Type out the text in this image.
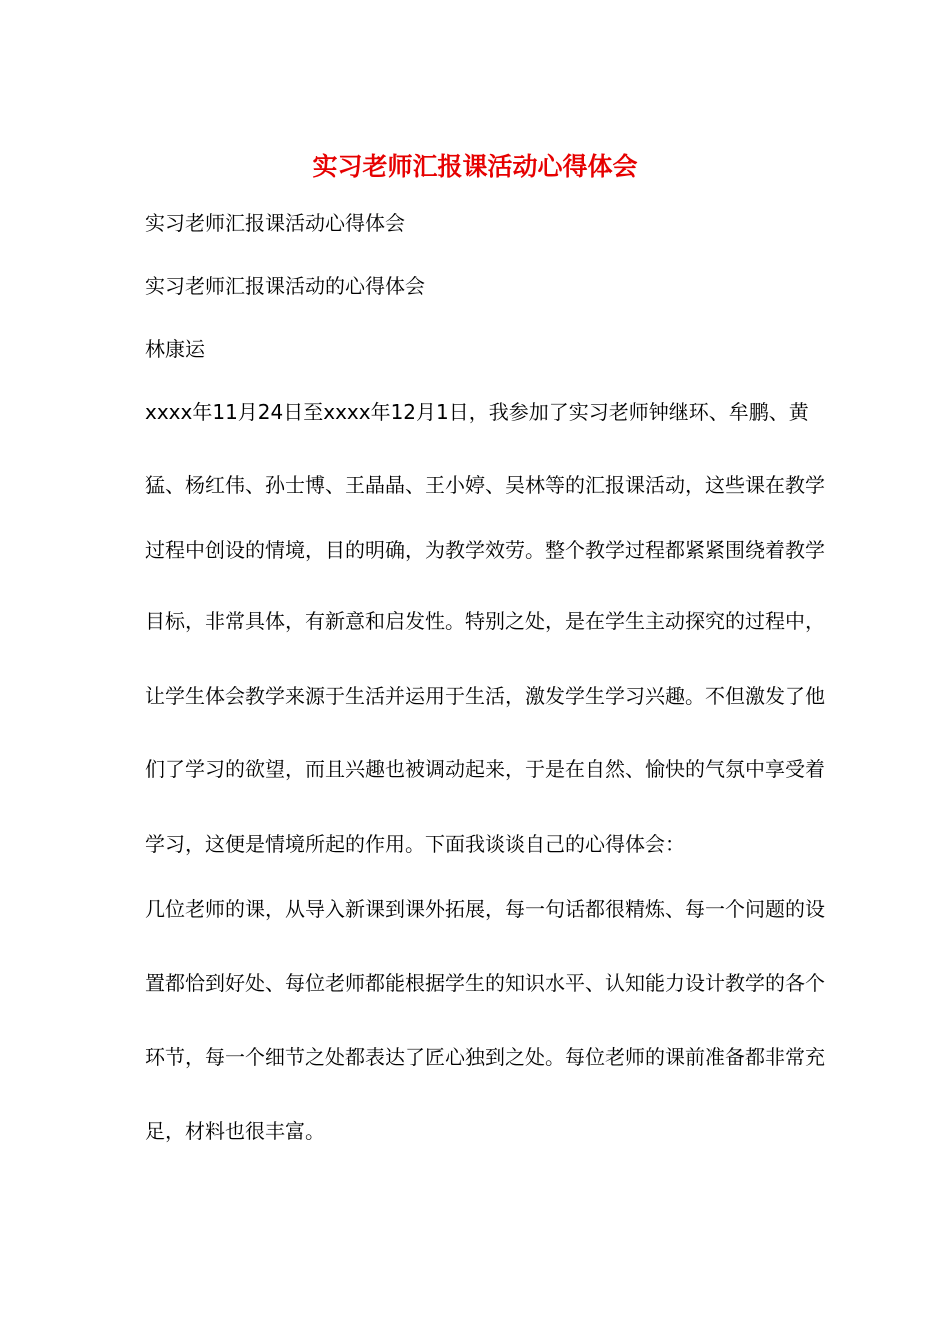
实习老师汇报课活动心得体会
实习老师汇报课活动心得体会
实习老师汇报课活动的心得体会
林康运
xxxx年11月24日至xxxx年12月1日，我参加了实习老师钟继环、牟鹏、黄
猛、杨红伟、孙士博、王晶晶、王小婷、吴林等的汇报课活动，这些课在教学
过程中创设的情境，目的明确，为教学效劳。整个教学过程都紧紧围绕着教学
目标，非常具体，有新意和启发性。特别之处，是在学生主动探究的过程中，
让学生体会教学来源于生活并运用于生活，激发学生学习兴趣。不但激发了他
们了学习的欲望，而且兴趣也被调动起来，于是在自然、愉快的气氛中享受着
学习，这便是情境所起的作用。下面我谈谈自己的心得体会：
几位老师的课，从导入新课到课外拓展，每一句话都很精炼、每一个问题的设
置都恰到好处、每位老师都能根据学生的知识水平、认知能力设计教学的各个
环节，每一个细节之处都表达了匠心独到之处。每位老师的课前准备都非常充
足，材料也很丰富。
